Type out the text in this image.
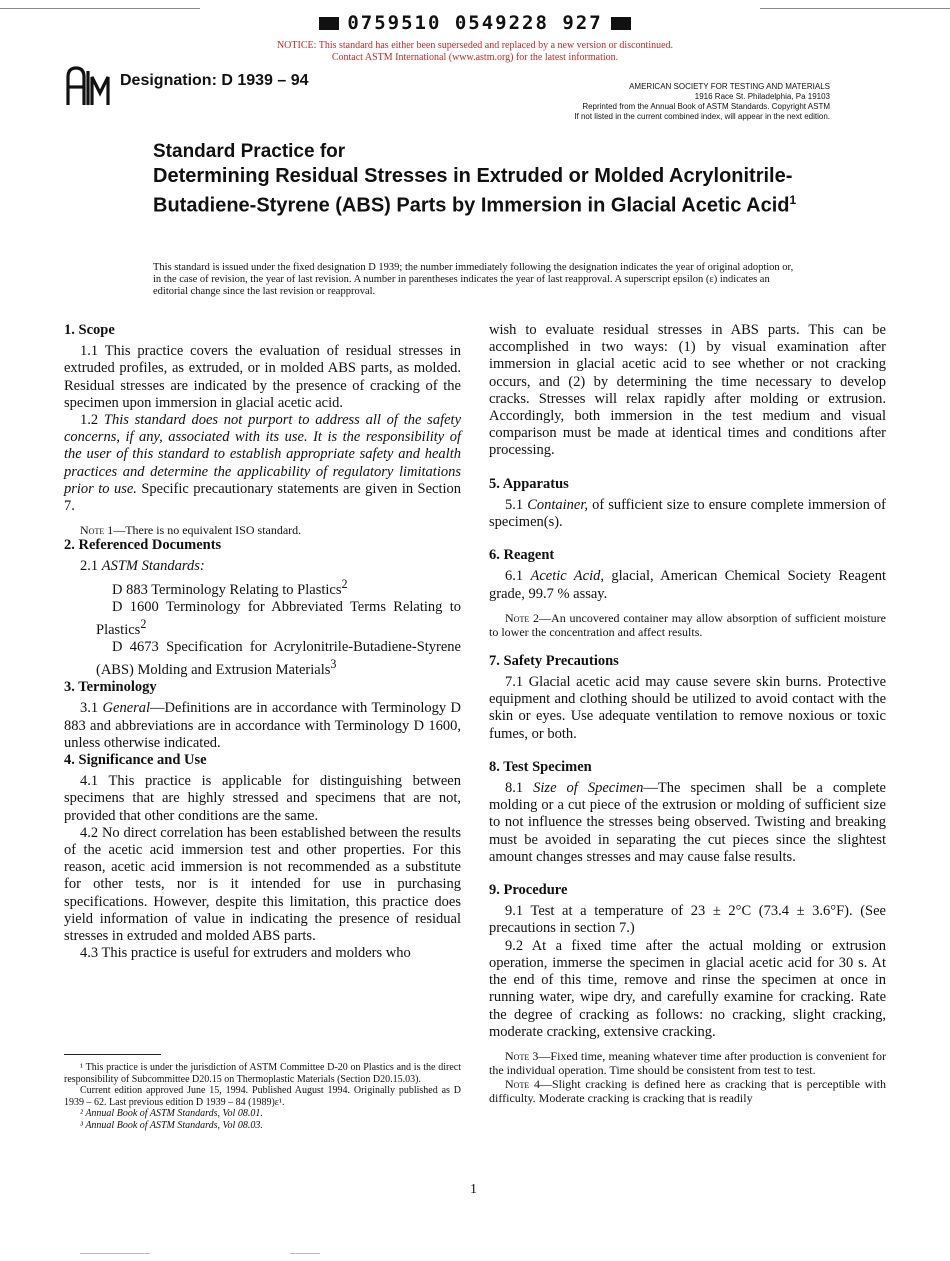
0759510 0549228 927
NOTICE: This standard has either been superseded and replaced by a new version or discontinued.
Contact ASTM International (www.astm.org) for the latest information.
Designation: D 1939 – 94	AMERICAN SOCIETY FOR TESTING AND MATERIALS
1916 Race St. Philadelphia, Pa 19103
Reprinted from the Annual Book of ASTM Standards. Copyright ASTM
If not listed in the current combined index, will appear in the next edition.
Standard Practice for
Determining Residual Stresses in Extruded or Molded Acrylonitrile-Butadiene-Styrene (ABS) Parts by Immersion in Glacial Acetic Acid$^1$
This standard is issued under the fixed designation D 1939; the number immediately following the designation indicates the year of original adoption or, in the case of revision, the year of last revision. A number in parentheses indicates the year of last reapproval. A superscript epsilon (ε) indicates an editorial change since the last revision or reapproval.
1. Scope

1.1 This practice covers the evaluation of residual stresses in extruded profiles, as extruded, or in molded ABS parts, as molded. Residual stresses are indicated by the presence of cracking of the specimen upon immersion in glacial acetic acid.

1.2 This standard does not purport to address all of the safety concerns, if any, associated with its use. It is the responsibility of the user of this standard to establish appropriate safety and health practices and determine the applicability of regulatory limitations prior to use. Specific precautionary statements are given in Section 7.

Note 1—There is no equivalent ISO standard.

2. Referenced Documents

2.1 ASTM Standards:

D 883 Terminology Relating to Plastics$^2$

D 1600 Terminology for Abbreviated Terms Relating to Plastics$^2$

D 4673 Specification for Acrylonitrile-Butadiene-Styrene (ABS) Molding and Extrusion Materials$^3$

3. Terminology

3.1 General—Definitions are in accordance with Terminology D 883 and abbreviations are in accordance with Terminology D 1600, unless otherwise indicated.

4. Significance and Use

4.1 This practice is applicable for distinguishing between specimens that are highly stressed and specimens that are not, provided that other conditions are the same.

4.2 No direct correlation has been established between the results of the acetic acid immersion test and other properties. For this reason, acetic acid immersion is not recommended as a substitute for other tests, nor is it intended for use in purchasing specifications. However, despite this limitation, this practice does yield information of value in indicating the presence of residual stresses in extruded and molded ABS parts.

4.3 This practice is useful for extruders and molders who

wish to evaluate residual stresses in ABS parts. This can be accomplished in two ways: (1) by visual examination after immersion in glacial acetic acid to see whether or not cracking occurs, and (2) by determining the time necessary to develop cracks. Stresses will relax rapidly after molding or extrusion. Accordingly, both immersion in the test medium and visual comparison must be made at identical times and conditions after processing.

5. Apparatus

5.1 Container, of sufficient size to ensure complete immersion of specimen(s).

6. Reagent

6.1 Acetic Acid, glacial, American Chemical Society Reagent grade, 99.7 % assay.

Note 2—An uncovered container may allow absorption of sufficient moisture to lower the concentration and affect results.

7. Safety Precautions

7.1 Glacial acetic acid may cause severe skin burns. Protective equipment and clothing should be utilized to avoid contact with the skin or eyes. Use adequate ventilation to remove noxious or toxic fumes, or both.

8. Test Specimen

8.1 Size of Specimen—The specimen shall be a complete molding or a cut piece of the extrusion or molding of sufficient size to not influence the stresses being observed. Twisting and breaking must be avoided in separating the cut pieces since the slightest amount changes stresses and may cause false results.

9. Procedure

9.1 Test at a temperature of 23 ± 2°C (73.4 ± 3.6°F). (See precautions in section 7.)

9.2 At a fixed time after the actual molding or extrusion operation, immerse the specimen in glacial acetic acid for 30 s. At the end of this time, remove and rinse the specimen at once in running water, wipe dry, and carefully examine for cracking. Rate the degree of cracking as follows: no cracking, slight cracking, moderate cracking, extensive cracking.

Note 3—Fixed time, meaning whatever time after production is convenient for the individual operation. Time should be consistent from test to test.

Note 4—Slight cracking is defined here as cracking that is perceptible with difficulty. Moderate cracking is cracking that is readily

¹ This practice is under the jurisdiction of ASTM Committee D-20 on Plastics and is the direct responsibility of Subcommittee D20.15 on Thermoplastic Materials (Section D20.15.03).

Current edition approved June 15, 1994. Published August 1994. Originally published as D 1939 – 62. Last previous edition D 1939 – 84 (1989)ε¹.

² Annual Book of ASTM Standards, Vol 08.01.

³ Annual Book of ASTM Standards, Vol 08.03.

1
